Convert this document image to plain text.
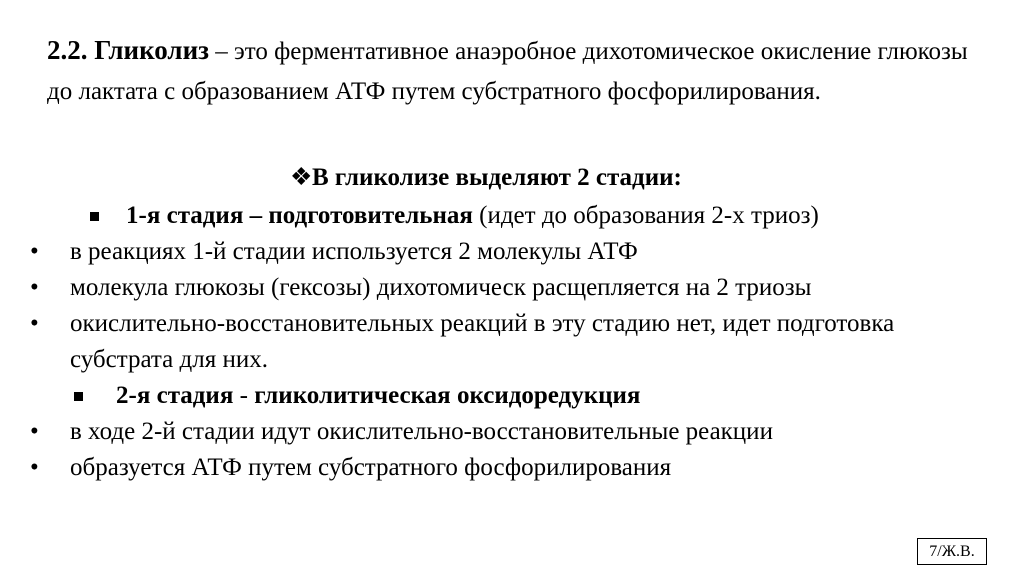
2.2. Гликолиз – это ферментативное анаэробное дихотомическое окисление глюкозы до лактата с образованием АТФ путем субстратного фосфорилирования.
❖В гликолизе выделяют 2 стадии:
1-я стадия – подготовительная (идет до образования 2-х триоз)
• в реакциях 1-й стадии используется 2 молекулы АТФ
• молекула глюкозы (гексозы) дихотомическ расщепляется на 2 триозы
• окислительно-восстановительных реакций в эту стадию нет, идет подготовка субстрата для них.
2-я стадия - гликолитическая оксидоредукция
• в ходе 2-й стадии идут окислительно-восстановительные реакции
• образуется АТФ путем субстратного фосфорилирования
7/Ж.В.
